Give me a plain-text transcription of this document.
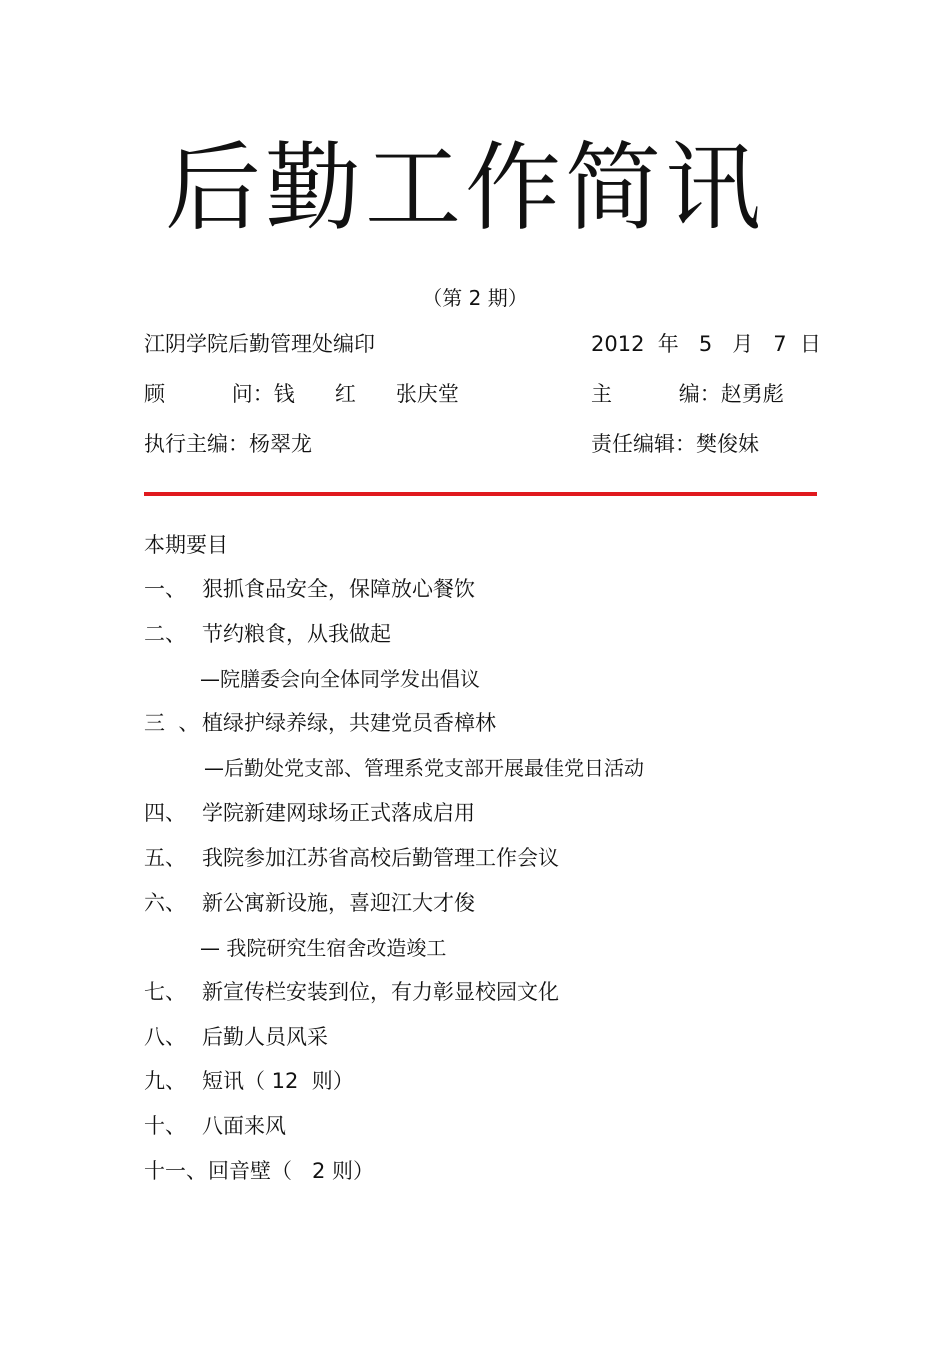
后勤工作简讯
（第 2 期）
江阴学院后勤管理处编印	2012  年   5   月   7  日
顾          问：钱      红      张庆堂	主          编：赵勇彪
执行主编：杨翠龙	责任编辑：樊俊妹
本期要目
一、 狠抓食品安全，保障放心餐饮
二、 节约粮食，从我做起
—院膳委会向全体同学发出倡议
三  、 植绿护绿养绿，共建党员香樟林
—后勤处党支部、管理系党支部开展最佳党日活动
四、 学院新建网球场正式落成启用
五、 我院参加江苏省高校后勤管理工作会议
六、 新公寓新设施，喜迎江大才俊
— 我院研究生宿舍改造竣工
七、 新宣传栏安装到位，有力彰显校园文化
八、 后勤人员风采
九、 短讯（ 12  则）
十、 八面来风
十一、回音壁（   2 则）
